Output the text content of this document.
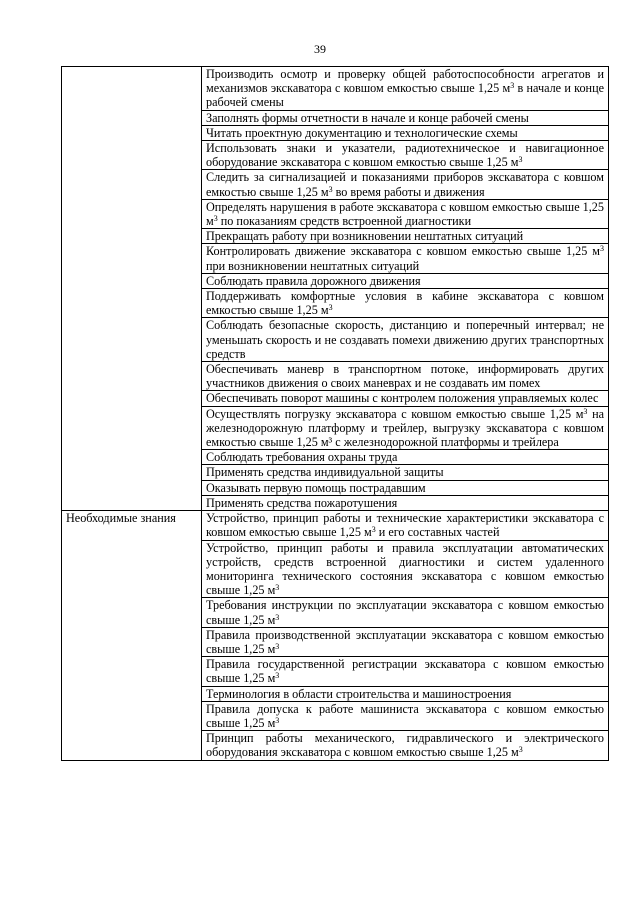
39
	Производить осмотр и проверку общей работоспособности агрегатов и механизмов экскаватора с ковшом емкостью свыше 1,25 $м^3$ в начале и конце рабочей смены
	Заполнять формы отчетности в начале и конце рабочей смены
	Читать проектную документацию и технологические схемы
	Использовать знаки и указатели, радиотехническое и навигационное оборудование экскаватора с ковшом емкостью свыше 1,25 $м^3$
	Следить за сигнализацией и показаниями приборов экскаватора с ковшом емкостью свыше 1,25 $м^3$ во время работы и движения
	Определять нарушения в работе экскаватора с ковшом емкостью свыше 1,25 $м^3$ по показаниям средств встроенной диагностики
	Прекращать работу при возникновении нештатных ситуаций
	Контролировать движение экскаватора с ковшом емкостью свыше 1,25 $м^3$ при возникновении нештатных ситуаций
	Соблюдать правила дорожного движения
	Поддерживать комфортные условия в кабине экскаватора с ковшом емкостью свыше 1,25 $м^3$
	Соблюдать безопасные скорость, дистанцию и поперечный интервал; не уменьшать скорость и не создавать помехи движению других транспортных средств
	Обеспечивать маневр в транспортном потоке, информировать других участников движения о своих маневрах и не создавать им помех
	Обеспечивать поворот машины с контролем положения управляемых колес
	Осуществлять погрузку экскаватора с ковшом емкостью свыше 1,25 $м^3$ на железнодорожную платформу и трейлер, выгрузку экскаватора с ковшом емкостью свыше 1,25 м³ с железнодорожной платформы и трейлера
	Соблюдать требования охраны труда
	Применять средства индивидуальной защиты
	Оказывать первую помощь пострадавшим
	Применять средства пожаротушения
Необходимые знания	Устройство, принцип работы и технические характеристики экскаватора с ковшом емкостью свыше 1,25 $м^3$ и его составных частей
	Устройство, принцип работы и правила эксплуатации автоматических устройств, средств встроенной диагностики и систем удаленного мониторинга технического состояния экскаватора с ковшом емкостью свыше 1,25 $м^3$
	Требования инструкции по эксплуатации экскаватора с ковшом емкостью свыше 1,25 $м^3$
	Правила производственной эксплуатации экскаватора с ковшом емкостью свыше 1,25 $м^3$
	Правила государственной регистрации экскаватора с ковшом емкостью свыше 1,25 $м^3$
	Терминология в области строительства и машиностроения
	Правила допуска к работе машиниста экскаватора с ковшом емкостью свыше 1,25 $м^3$
	Принцип работы механического, гидравлического и электрического оборудования экскаватора с ковшом емкостью свыше 1,25 $м^3$
